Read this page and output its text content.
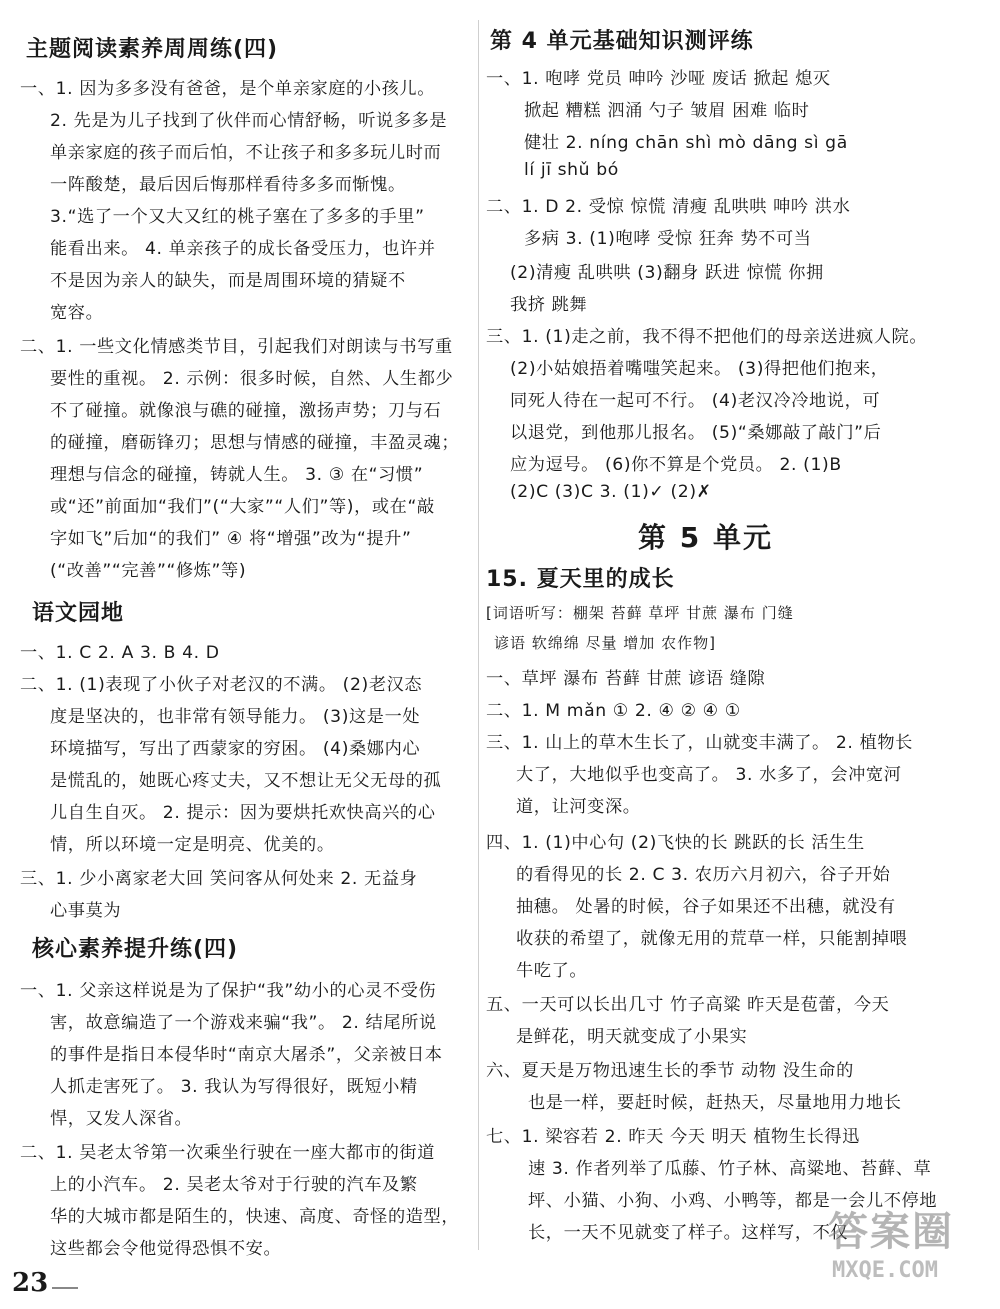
主题阅读素养周周练(四)
一、1. 因为多多没有爸爸，是个单亲家庭的小孩儿。
2. 先是为儿子找到了伙伴而心情舒畅，听说多多是
单亲家庭的孩子而后怕，不让孩子和多多玩儿时而
一阵酸楚，最后因后悔那样看待多多而惭愧。
3.“选了一个又大又红的桃子塞在了多多的手里”
能看出来。 4. 单亲孩子的成长备受压力，也许并
不是因为亲人的缺失，而是周围环境的猜疑不
宽容。
二、1. 一些文化情感类节目，引起我们对朗读与书写重
要性的重视。 2. 示例：很多时候，自然、人生都少
不了碰撞。就像浪与礁的碰撞，激扬声势；刀与石
的碰撞，磨砺锋刃；思想与情感的碰撞，丰盈灵魂；
理想与信念的碰撞，铸就人生。 3. ③ 在“习惯”
或“还”前面加“我们”(“大家”“人们”等)，或在“敲
字如飞”后加“的我们” ④ 将“增强”改为“提升”
(“改善”“完善”“修炼”等)
语文园地
一、1. C 2. A 3. B 4. D
二、1. (1)表现了小伙子对老汉的不满。 (2)老汉态
度是坚决的，也非常有领导能力。 (3)这是一处
环境描写，写出了西蒙家的穷困。 (4)桑娜内心
是慌乱的，她既心疼丈夫，又不想让无父无母的孤
儿自生自灭。 2. 提示：因为要烘托欢快高兴的心
情，所以环境一定是明亮、优美的。
三、1. 少小离家老大回 笑问客从何处来 2. 无益身
心事莫为
核心素养提升练(四)
一、1. 父亲这样说是为了保护“我”幼小的心灵不受伤
害，故意编造了一个游戏来骗“我”。 2. 结尾所说
的事件是指日本侵华时“南京大屠杀”，父亲被日本
人抓走害死了。 3. 我认为写得很好，既短小精
悍，又发人深省。
二、1. 吴老太爷第一次乘坐行驶在一座大都市的街道
上的小汽车。 2. 吴老太爷对于行驶的汽车及繁
华的大城市都是陌生的，快速、高度、奇怪的造型，
这些都会令他觉得恐惧不安。
第 4 单元基础知识测评练
一、1. 咆哮 党员 呻吟 沙哑 废话 掀起 熄灭
掀起 糟糕 泗涌 勺子 皱眉 困难 临时
健壮 2. níng chān shì mò dāng sì gā
lí jī shǔ bó
二、1. D 2. 受惊 惊慌 清瘦 乱哄哄 呻吟 洪水
多病 3. (1)咆哮 受惊 狂奔 势不可当
(2)清瘦 乱哄哄 (3)翻身 跃进 惊慌 你拥
我挤 跳舞
三、1. (1)走之前，我不得不把他们的母亲送进疯人院。
(2)小姑娘捂着嘴嗤笑起来。 (3)得把他们抱来，
同死人待在一起可不行。 (4)老汉冷冷地说，可
以退党，到他那儿报名。 (5)“桑娜敲了敲门”后
应为逗号。 (6)你不算是个党员。 2. (1)B
(2)C (3)C 3. (1)✓ (2)✗
第 5 单元
15. 夏天里的成长
[词语听写：棚架 苔藓 草坪 甘蔗 瀑布 门缝
谚语 软绵绵 尽量 增加 农作物]
一、草坪 瀑布 苔藓 甘蔗 谚语 缝隙
二、1. M mǎn ① 2. ④ ② ④ ①
三、1. 山上的草木生长了，山就变丰满了。 2. 植物长
大了，大地似乎也变高了。 3. 水多了，会冲宽河
道，让河变深。
四、1. (1)中心句 (2)飞快的长 跳跃的长 活生生
的看得见的长 2. C 3. 农历六月初六，谷子开始
抽穗。 处暑的时候，谷子如果还不出穗，就没有
收获的希望了，就像无用的荒草一样，只能割掉喂
牛吃了。
五、一天可以长出几寸 竹子高粱 昨天是苞蕾，今天
是鲜花，明天就变成了小果实
六、夏天是万物迅速生长的季节 动物 没生命的
也是一样，要赶时候，赶热天，尽量地用力地长
七、1. 梁容若 2. 昨天 今天 明天 植物生长得迅
速 3. 作者列举了瓜藤、竹子林、高粱地、苔藓、草
坪、小猫、小狗、小鸡、小鸭等，都是一会儿不停地
长，一天不见就变了样子。这样写，不仅
23
答案圈
MXQE.COM
